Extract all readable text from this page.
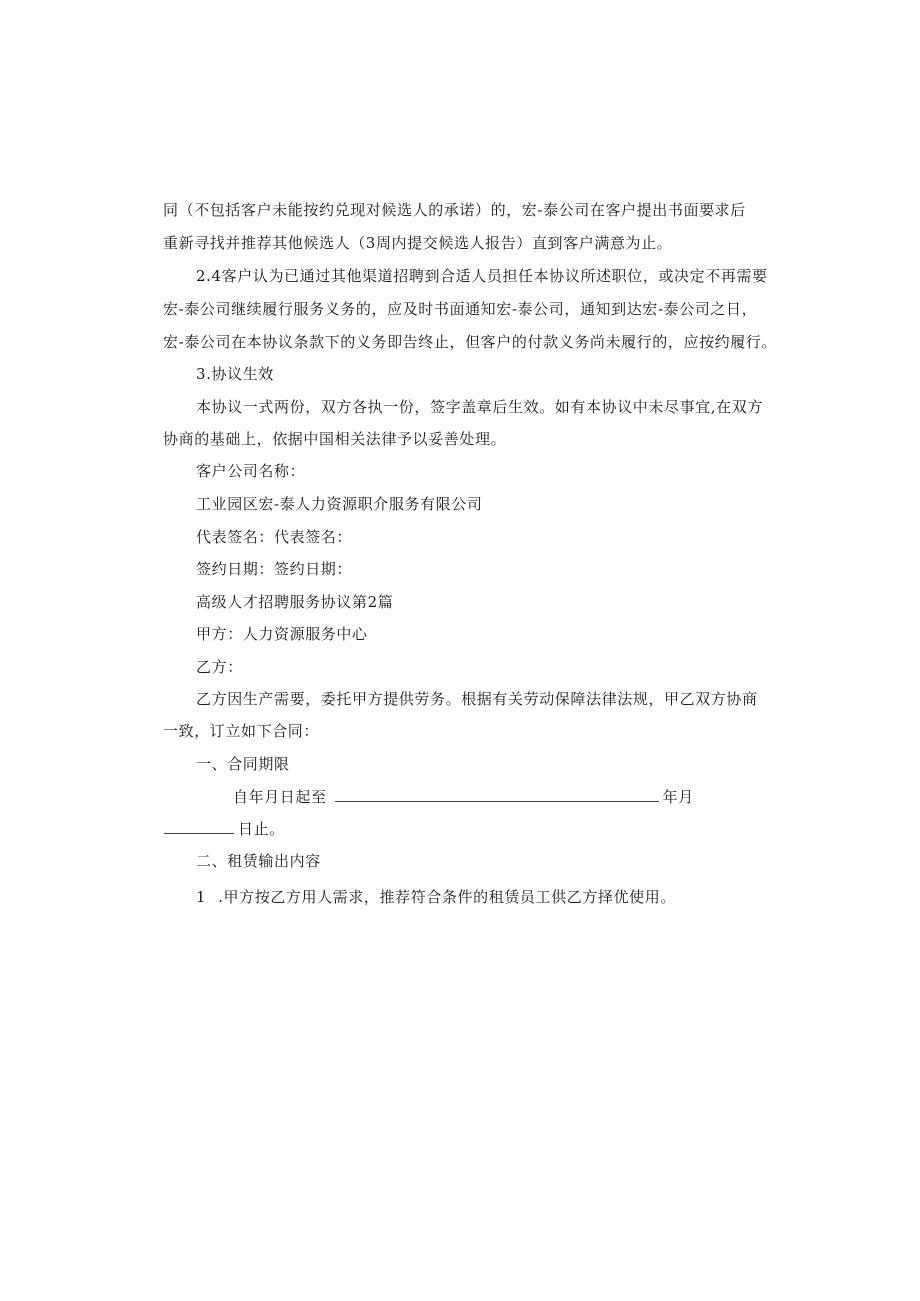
同（不包括客户未能按约兑现对候选人的承诺）的，宏-泰公司在客户提出书面要求后
重新寻找并推荐其他候选人（3周内提交候选人报告）直到客户满意为止。
2.4客户认为已通过其他渠道招聘到合适人员担任本协议所述职位，或决定不再需要
宏-泰公司继续履行服务义务的，应及时书面通知宏-泰公司，通知到达宏-泰公司之日，
宏-泰公司在本协议条款下的义务即告终止，但客户的付款义务尚未履行的，应按约履行。
3.协议生效
本协议一式两份，双方各执一份，签字盖章后生效。如有本协议中未尽事宜,在双方
协商的基础上，依据中国相关法律予以妥善处理。
客户公司名称：
工业园区宏-泰人力资源职介服务有限公司
代表签名：代表签名：
签约日期：签约日期：
高级人才招聘服务协议第2篇
甲方：人力资源服务中心
乙方：
乙方因生产需要，委托甲方提供劳务。根据有关劳动保障法律法规，甲乙双方协商
一致，订立如下合同：
一、合同期限
自年月日起至	年月
日止。
二、租赁输出内容
1 .甲方按乙方用人需求，推荐符合条件的租赁员工供乙方择优使用。
